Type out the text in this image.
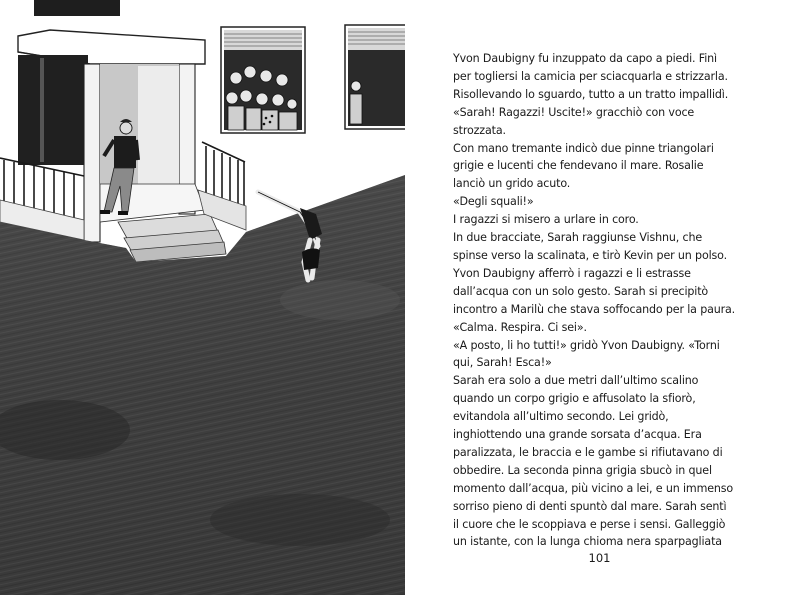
Yvon Daubigny fu inzuppato da capo a piedi. Finì
per togliersi la camicia per sciacquarla e strizzarla.
Risollevando lo sguardo, tutto a un tratto impallidì.
«Sarah! Ragazzi! Uscite!» gracchiò con voce
strozzata.
Con mano tremante indicò due pinne triangolari
grigie e lucenti che fendevano il mare. Rosalie
lanciò un grido acuto.
«Degli squali!»
I ragazzi si misero a urlare in coro.
In due bracciate, Sarah raggiunse Vishnu, che
spinse verso la scalinata, e tirò Kevin per un polso.
Yvon Daubigny afferrò i ragazzi e li estrasse
dall’acqua con un solo gesto. Sarah si precipitò
incontro a Marilù che stava soffocando per la paura.
«Calma. Respira. Ci sei».
«A posto, li ho tutti!» gridò Yvon Daubigny. «Torni
qui, Sarah! Esca!»
Sarah era solo a due metri dall’ultimo scalino
quando un corpo grigio e affusolato la sfiorò,
evitandola all’ultimo secondo. Lei gridò,
inghiottendo una grande sorsata d’acqua. Era
paralizzata, le braccia e le gambe si rifiutavano di
obbedire. La seconda pinna grigia sbucò in quel
momento dall’acqua, più vicino a lei, e un immenso
sorriso pieno di denti spuntò dal mare. Sarah sentì
il cuore che le scoppiava e perse i sensi. Galleggiò
un istante, con la lunga chioma nera sparpagliata

101
